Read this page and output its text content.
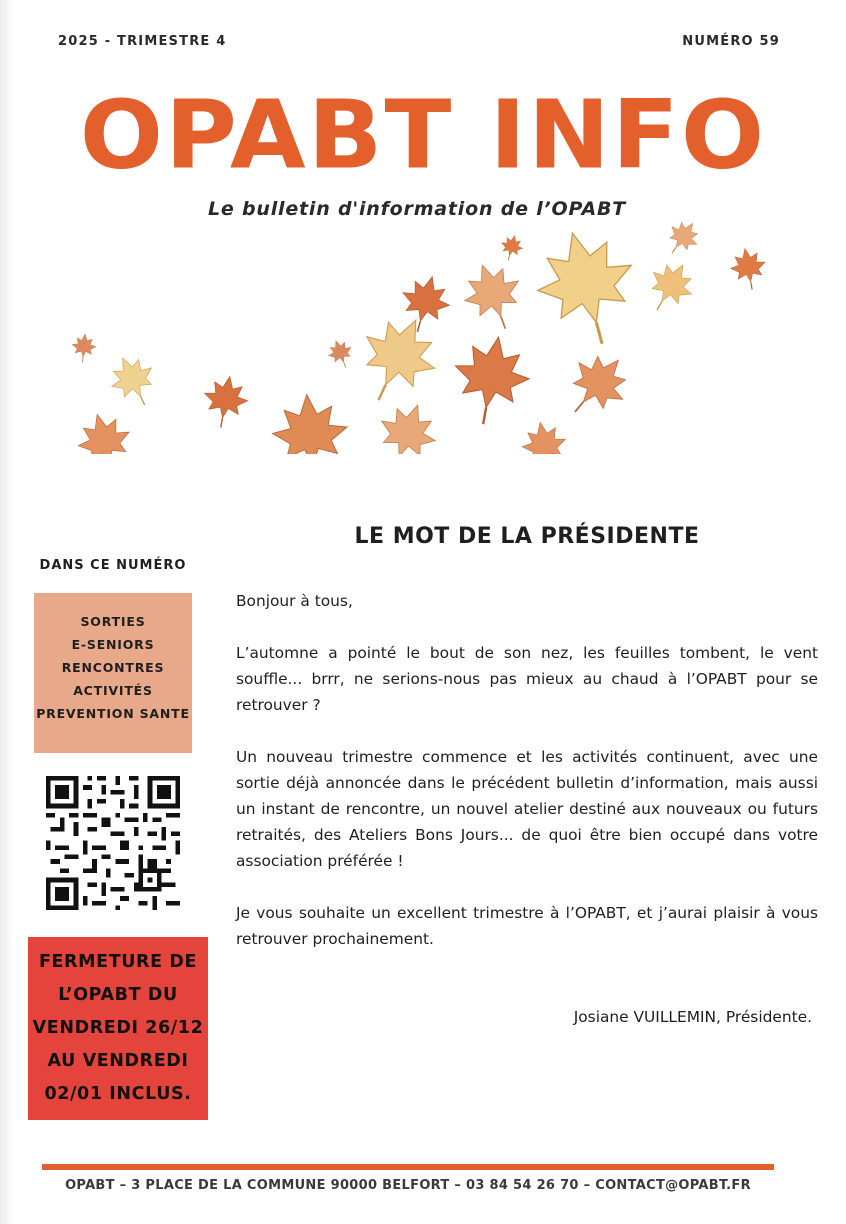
2025 - TRIMESTRE 4	NUMÉRO 59
OPABT INFO
Le bulletin d'information de l’OPABT
LE MOT DE LA PRÉSIDENTE

Bonjour à tous,

L’automne a pointé le bout de son nez, les feuilles tombent, le vent souffle... brrr, ne serions-nous pas mieux au chaud à l’OPABT pour se retrouver ?

Un nouveau trimestre commence et les activités continuent, avec une sortie déjà annoncée dans le précédent bulletin d’information, mais aussi un instant de rencontre, un nouvel atelier destiné aux nouveaux ou futurs retraités, des Ateliers Bons Jours... de quoi être bien occupé dans votre association préférée !

Je vous souhaite un excellent trimestre à l’OPABT, et j’aurai plaisir à vous retrouver prochainement.

Josiane VUILLEMIN, Présidente.
DANS CE NUMÉRO
SORTIES
E-SENIORS
RENCONTRES
ACTIVITÉS
PREVENTION SANTE
FERMETURE DE
L’OPABT DU
VENDREDI 26/12
AU VENDREDI
02/01 INCLUS.
OPABT – 3 PLACE DE LA COMMUNE 90000 BELFORT – 03 84 54 26 70 – CONTACT@OPABT.FR
